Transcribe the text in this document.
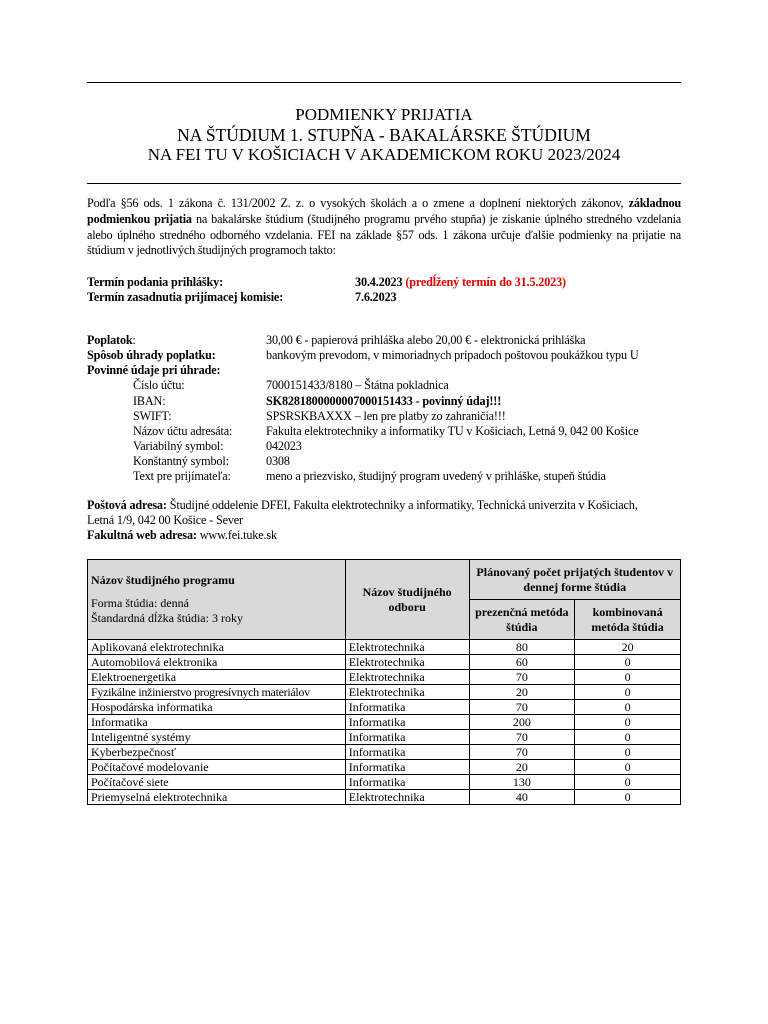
PODMIENKY PRIJATIA
NA ŠTÚDIUM 1. STUPŇA - BAKALÁRSKE ŠTÚDIUM
NA FEI TU V KOŠICIACH V AKADEMICKOM ROKU 2023/2024
Podľa §56 ods. 1 zákona č. 131/2002 Z. z. o vysokých školách a o zmene a doplnení niektorých zákonov, základnou podmienkou prijatia na bakalárske štúdium (študijného programu prvého stupňa) je získanie úplného stredného vzdelania alebo úplného stredného odborného vzdelania. FEI na základe §57 ods. 1 zákona určuje ďalšie podmienky na prijatie na štúdium v jednotlivých študijných programoch takto:
Termín podania prihlášky:	30.4.2023 (predĺžený termín do 31.5.2023)
Termín zasadnutia prijímacej komisie:	7.6.2023
Poplatok:	30,00 € - papierová prihláška alebo 20,00 € - elektronická prihláška
Spôsob úhrady poplatku:	bankovým prevodom, v mimoriadnych prípadoch poštovou poukážkou typu U
Povinné údaje pri úhrade:
Číslo účtu:	7000151433/8180 – Štátna pokladnica
IBAN:	SK8281800000007000151433 - povinný údaj!!!
SWIFT:	SPSRSKBAXXX – len pre platby zo zahraničia!!!
Názov účtu adresáta:	Fakulta elektrotechniky a informatiky TU v Košiciach, Letná 9, 042 00 Košice
Variabilný symbol:	042023
Konštantný symbol:	0308
Text pre prijímateľa:	meno a priezvisko, študijný program uvedený v prihláške, stupeň štúdia
Poštová adresa: Študijné oddelenie DFEI, Fakulta elektrotechniky a informatiky, Technická univerzita v Košiciach,
Letná 1/9, 042 00 Košice - Sever
Fakultná web adresa: www.fei.tuke.sk
Názov študijného programu
Forma štúdia: denná
Štandardná dĺžka štúdia: 3 roky	Názov študijného odboru	Plánovaný počet prijatých študentov v dennej forme štúdia	
		prezenčná metóda štúdia	kombinovaná metóda štúdia
Aplikovaná elektrotechnika	Elektrotechnika	80	20
Automobilová elektronika	Elektrotechnika	60	0
Elektroenergetika	Elektrotechnika	70	0
Fyzikálne inžinierstvo progresívnych materiálov	Elektrotechnika	20	0
Hospodárska informatika	Informatika	70	0
Informatika	Informatika	200	0
Inteligentné systémy	Informatika	70	0
Kyberbezpečnosť	Informatika	70	0
Počítačové modelovanie	Informatika	20	0
Počítačové siete	Informatika	130	0
Priemyselná elektrotechnika	Elektrotechnika	40	0
